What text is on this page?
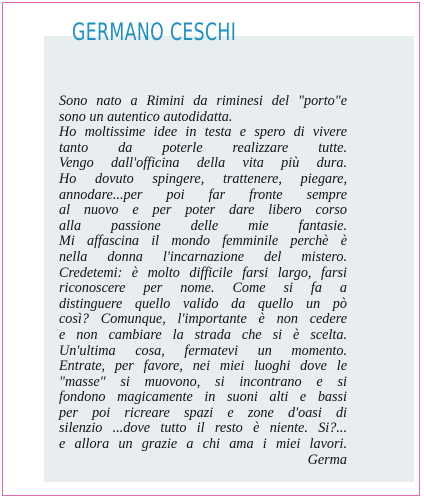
GERMANO CESCHI
Sono nato a Rimini da riminesi del "porto"e
sono un autentico autodidatta.
Ho moltissime idee in testa e spero di vivere
tanto da poterle realizzare tutte.
Vengo dall'officina della vita più dura.
Ho dovuto spingere, trattenere, piegare,
annodare...per poi far fronte sempre
al nuovo e per poter dare libero corso
alla passione delle mie fantasie.
Mi affascina il mondo femminile perchè è
nella donna l'incarnazione del mistero.
Credetemi: è molto difficile farsi largo, farsi
riconoscere per nome. Come si fa a
distinguere quello valido da quello un pò
così? Comunque, l'importante è non cedere
e non cambiare la strada che si è scelta.
Un'ultima cosa, fermatevi un momento.
Entrate, per favore, nei miei luoghi dove le
"masse" si muovono, si incontrano e si
fondono magicamente in suoni alti e bassi
per poi ricreare spazi e zone d'oasi di
silenzio ...dove tutto il resto è niente. Si?...
e allora un grazie a chi ama i miei lavori.
Germa
